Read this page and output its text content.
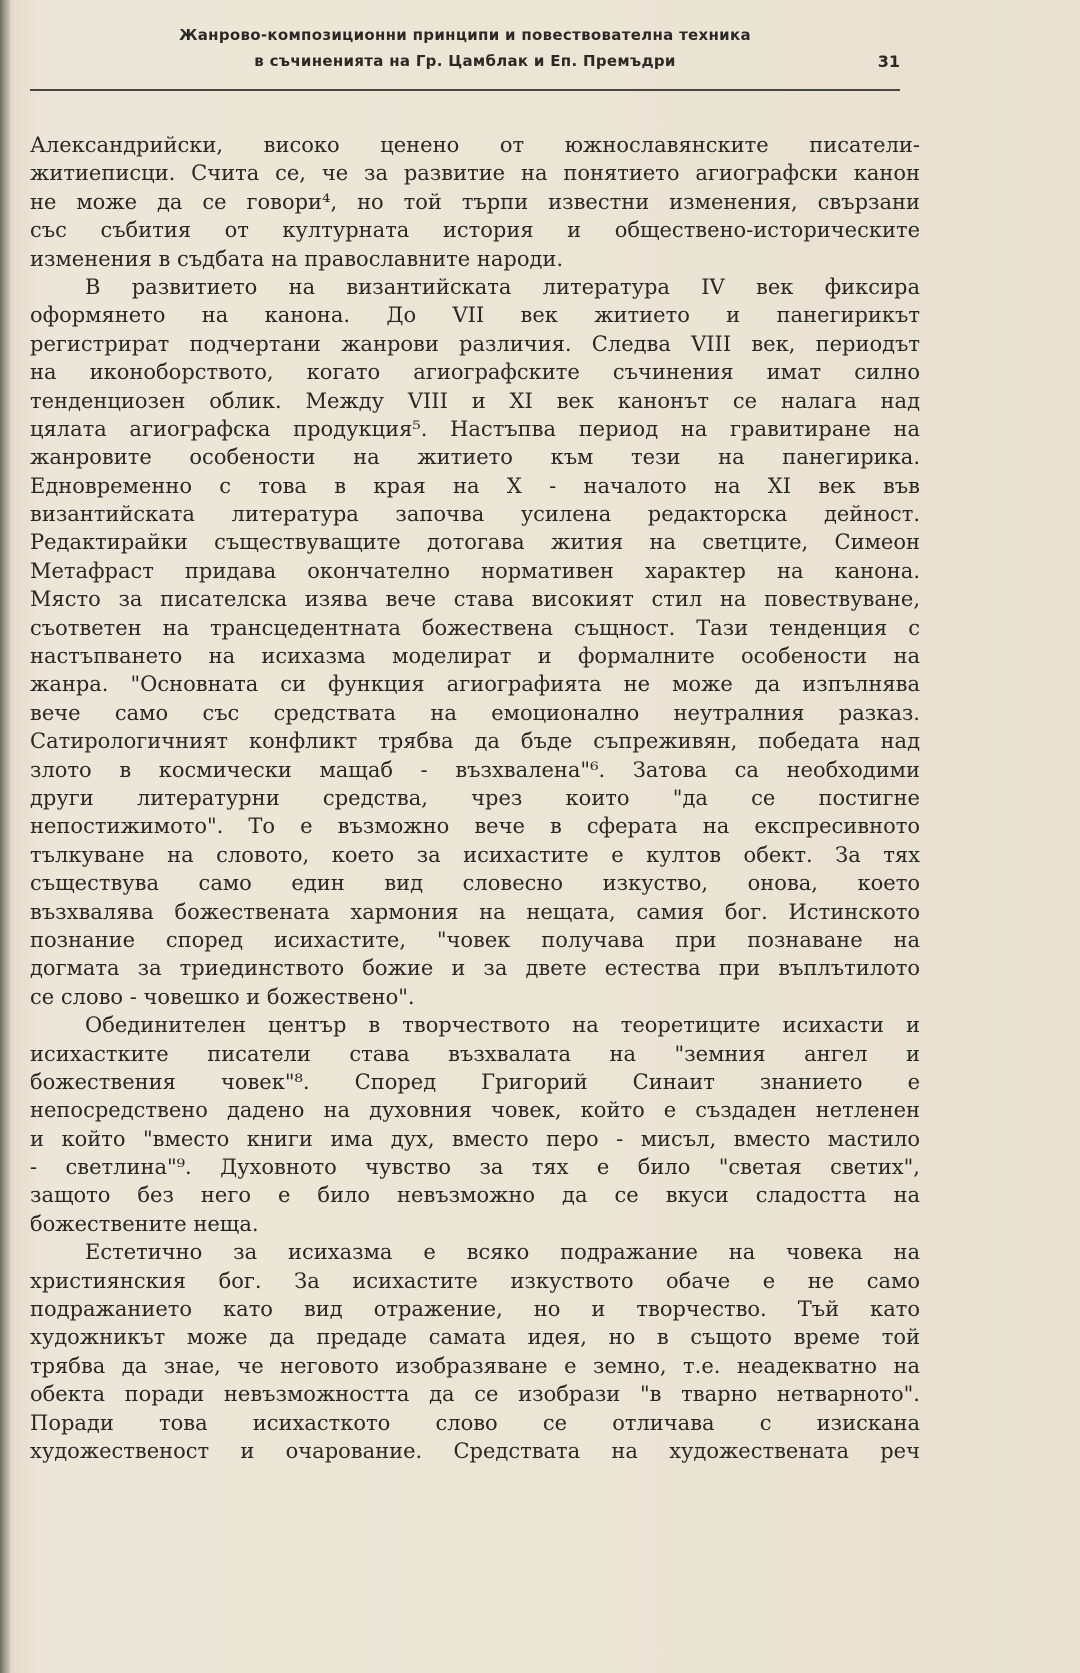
Жанрово-композиционни принципи и повествователна техника
в съчиненията на Гр. Цамблак и Еп. Премъдри	31
Александрийски, високо ценено от южнославянските писатели-
житиеписци. Счита се, че за развитие на понятието агиографски канон
не може да се говори⁴, но той търпи известни изменения, свързани
със събития от културната история и обществено-историческите
изменения в съдбата на православните народи.
В развитието на византийската литература IV век фиксира
оформянето на канона. До VII век житието и панегирикът
регистрират подчертани жанрови различия. Следва VIII век, периодът
на иконоборството, когато агиографските съчинения имат силно
тенденциозен облик. Между VIII и XI век канонът се налага над
цялата агиографска продукция⁵. Настъпва период на гравитиране на
жанровите особености на житието към тези на панегирика.
Едновременно с това в края на X - началото на XI век във
византийската литература започва усилена редакторска дейност.
Редактирайки съществуващите дотогава жития на светците, Симеон
Метафраст придава окончателно нормативен характер на канона.
Място за писателска изява вече става високият стил на повествуване,
съответен на трансцедентната божествена същност. Тази тенденция с
настъпването на исихазма моделират и формалните особености на
жанра. "Основната си функция агиографията не може да изпълнява
вече само със средствата на емоционално неутралния разказ.
Сатирологичният конфликт трябва да бъде съпреживян, победата над
злото в космически мащаб - възхвалена"⁶. Затова са необходими
други литературни средства, чрез които "да се постигне
непостижимото". То е възможно вече в сферата на експресивното
тълкуване на словото, което за исихастите е култов обект. За тях
съществува само един вид словесно изкуство, онова, което
възхвалява божествената хармония на нещата, самия бог. Истинското
познание според исихастите, "човек получава при познаване на
догмата за триединството божие и за двете естества при въплътилото
се слово - човешко и божествено".
Обединителен център в творчеството на теоретиците исихасти и
исихастките писатели става възхвалата на "земния ангел и
божествения човек"⁸. Според Григорий Синаит знанието е
непосредствено дадено на духовния човек, който е създаден нетленен
и който "вместо книги има дух, вместо перо - мисъл, вместо мастило
- светлина"⁹. Духовното чувство за тях е било "светая светих",
защото без него е било невъзможно да се вкуси сладостта на
божествените неща.
Естетично за исихазма е всяко подражание на човека на
християнския бог. За исихастите изкуството обаче е не само
подражанието като вид отражение, но и творчество. Тъй като
художникът може да предаде самата идея, но в същото време той
трябва да знае, че неговото изобразяване е земно, т.е. неадекватно на
обекта поради невъзможността да се изобрази "в тварно нетварното".
Поради това исихасткото слово се отличава с изискана
художественост и очарование. Средствата на художествената реч
